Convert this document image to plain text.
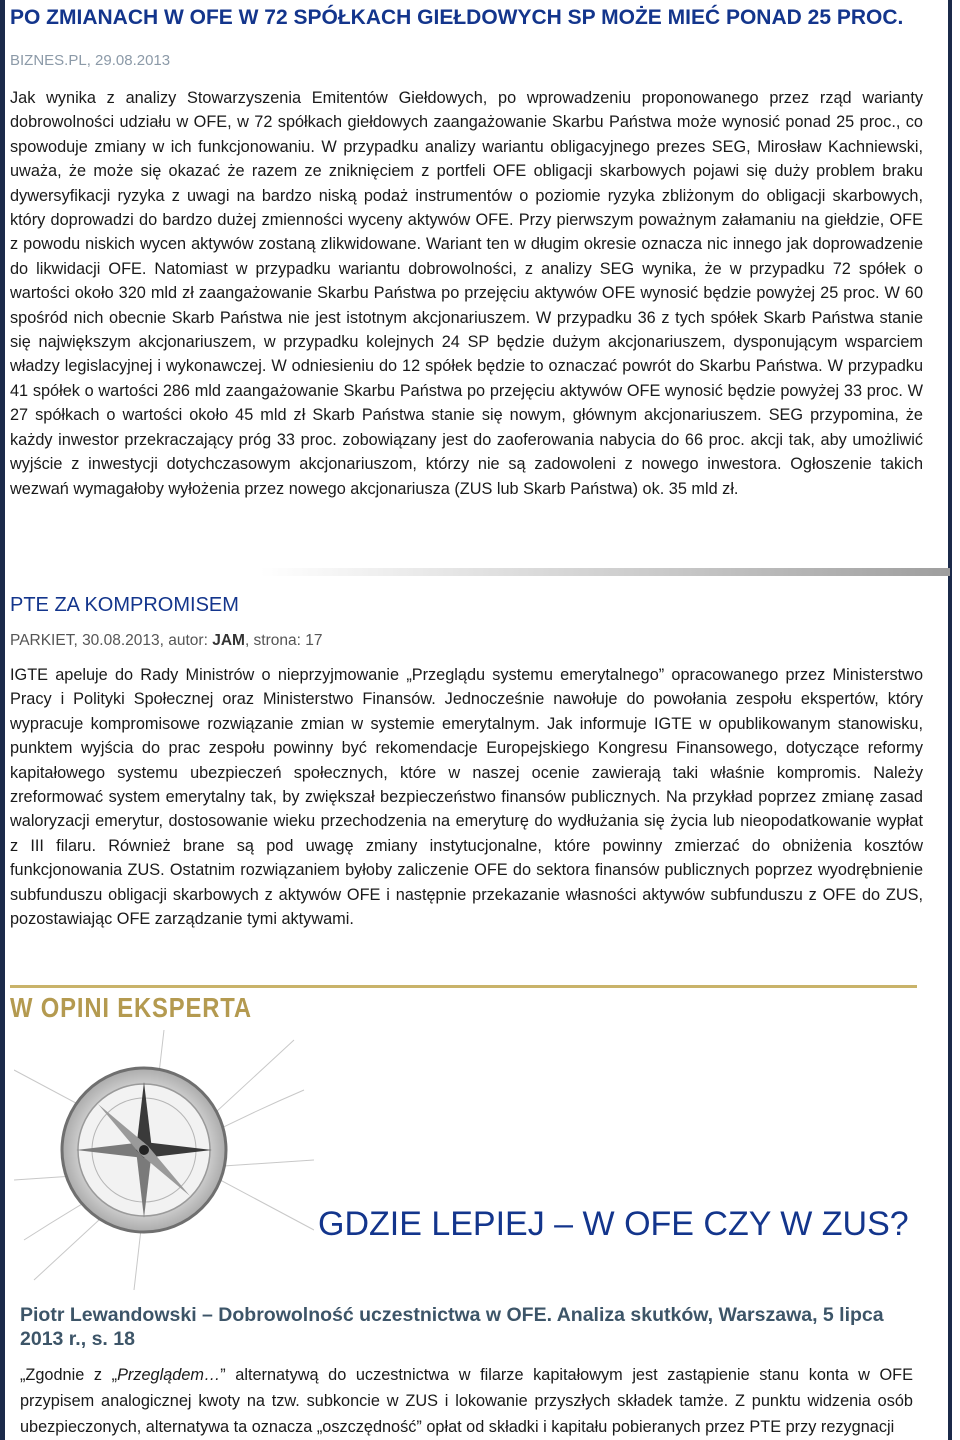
PO ZMIANACH W OFE W 72 SPÓŁKACH GIEŁDOWYCH SP MOŻE MIEĆ PONAD 25 PROC.
BIZNES.PL, 29.08.2013
Jak wynika z analizy Stowarzyszenia Emitentów Giełdowych, po wprowadzeniu proponowanego przez rząd warianty dobrowolności udziału w OFE, w 72 spółkach giełdowych zaangażowanie Skarbu Państwa może wynosić ponad 25 proc., co spowoduje zmiany w ich funkcjonowaniu. W przypadku analizy wariantu obligacyjnego prezes SEG, Mirosław Kachniewski, uważa, że może się okazać że razem ze zniknięciem z portfeli OFE obligacji skarbowych pojawi się duży problem braku dywersyfikacji ryzyka z uwagi na bardzo niską podaż instrumentów o poziomie ryzyka zbliżonym do obligacji skarbowych, który doprowadzi do bardzo dużej zmienności wyceny aktywów OFE. Przy pierwszym poważnym załamaniu na giełdzie, OFE z powodu niskich wycen aktywów zostaną zlikwidowane. Wariant ten w długim okresie oznacza nic innego jak doprowadzenie do likwidacji OFE. Natomiast w przypadku wariantu dobrowolności, z analizy SEG wynika, że w przypadku 72 spółek o wartości około 320 mld zł zaangażowanie Skarbu Państwa po przejęciu aktywów OFE wynosić będzie powyżej 25 proc. W 60 spośród nich obecnie Skarb Państwa nie jest istotnym akcjonariuszem. W przypadku 36 z tych spółek Skarb Państwa stanie się największym akcjonariuszem, w przypadku kolejnych 24 SP będzie dużym akcjonariuszem, dysponującym wsparciem władzy legislacyjnej i wykonawczej. W odniesieniu do 12 spółek będzie to oznaczać powrót do Skarbu Państwa. W przypadku 41 spółek o wartości 286 mld zaangażowanie Skarbu Państwa po przejęciu aktywów OFE wynosić będzie powyżej 33 proc. W 27 spółkach o wartości około 45 mld zł Skarb Państwa stanie się nowym, głównym akcjonariuszem. SEG przypomina, że każdy inwestor przekraczający próg 33 proc. zobowiązany jest do zaoferowania nabycia do 66 proc. akcji tak, aby umożliwić wyjście z inwestycji dotychczasowym akcjonariuszom, którzy nie są zadowoleni z nowego inwestora. Ogłoszenie takich wezwań wymagałoby wyłożenia przez nowego akcjonariusza (ZUS lub Skarb Państwa) ok. 35 mld zł.
PTE ZA KOMPROMISEM
PARKIET, 30.08.2013, autor: JAM, strona: 17
IGTE apeluje do Rady Ministrów o nieprzyjmowanie „Przeglądu systemu emerytalnego” opracowanego przez Ministerstwo Pracy i Polityki Społecznej oraz Ministerstwo Finansów. Jednocześnie nawołuje do powołania zespołu ekspertów, który wypracuje kompromisowe rozwiązanie zmian w systemie emerytalnym. Jak informuje IGTE w opublikowanym stanowisku, punktem wyjścia do prac zespołu powinny być rekomendacje Europejskiego Kongresu Finansowego, dotyczące reformy kapitałowego systemu ubezpieczeń społecznych, które w naszej ocenie zawierają taki właśnie kompromis. Należy zreformować system emerytalny tak, by zwiększał bezpieczeństwo finansów publicznych. Na przykład poprzez zmianę zasad waloryzacji emerytur, dostosowanie wieku przechodzenia na emeryturę do wydłużania się życia lub nieopodatkowanie wypłat z III filaru. Również brane są pod uwagę zmiany instytucjonalne, które powinny zmierzać do obniżenia kosztów funkcjonowania ZUS. Ostatnim rozwiązaniem byłoby zaliczenie OFE do sektora finansów publicznych poprzez wyodrębnienie subfunduszu obligacji skarbowych z aktywów OFE i następnie przekazanie własności aktywów subfunduszu z OFE do ZUS, pozostawiając OFE zarządzanie tymi aktywami.
W OPINI EKSPERTA
GDZIE LEPIEJ – W OFE CZY W ZUS?
Piotr Lewandowski – Dobrowolność uczestnictwa w OFE. Analiza skutków, Warszawa, 5 lipca 2013 r., s. 18
„Zgodnie z „Przeglądem…” alternatywą do uczestnictwa w filarze kapitałowym jest zastąpienie stanu konta w OFE przypisem analogicznej kwoty na tzw. subkoncie w ZUS i lokowanie przyszłych składek tamże. Z punktu widzenia osób ubezpieczonych, alternatywa ta oznacza „oszczędność” opłat od składki i kapitału pobieranych przez PTE przy rezygnacji
